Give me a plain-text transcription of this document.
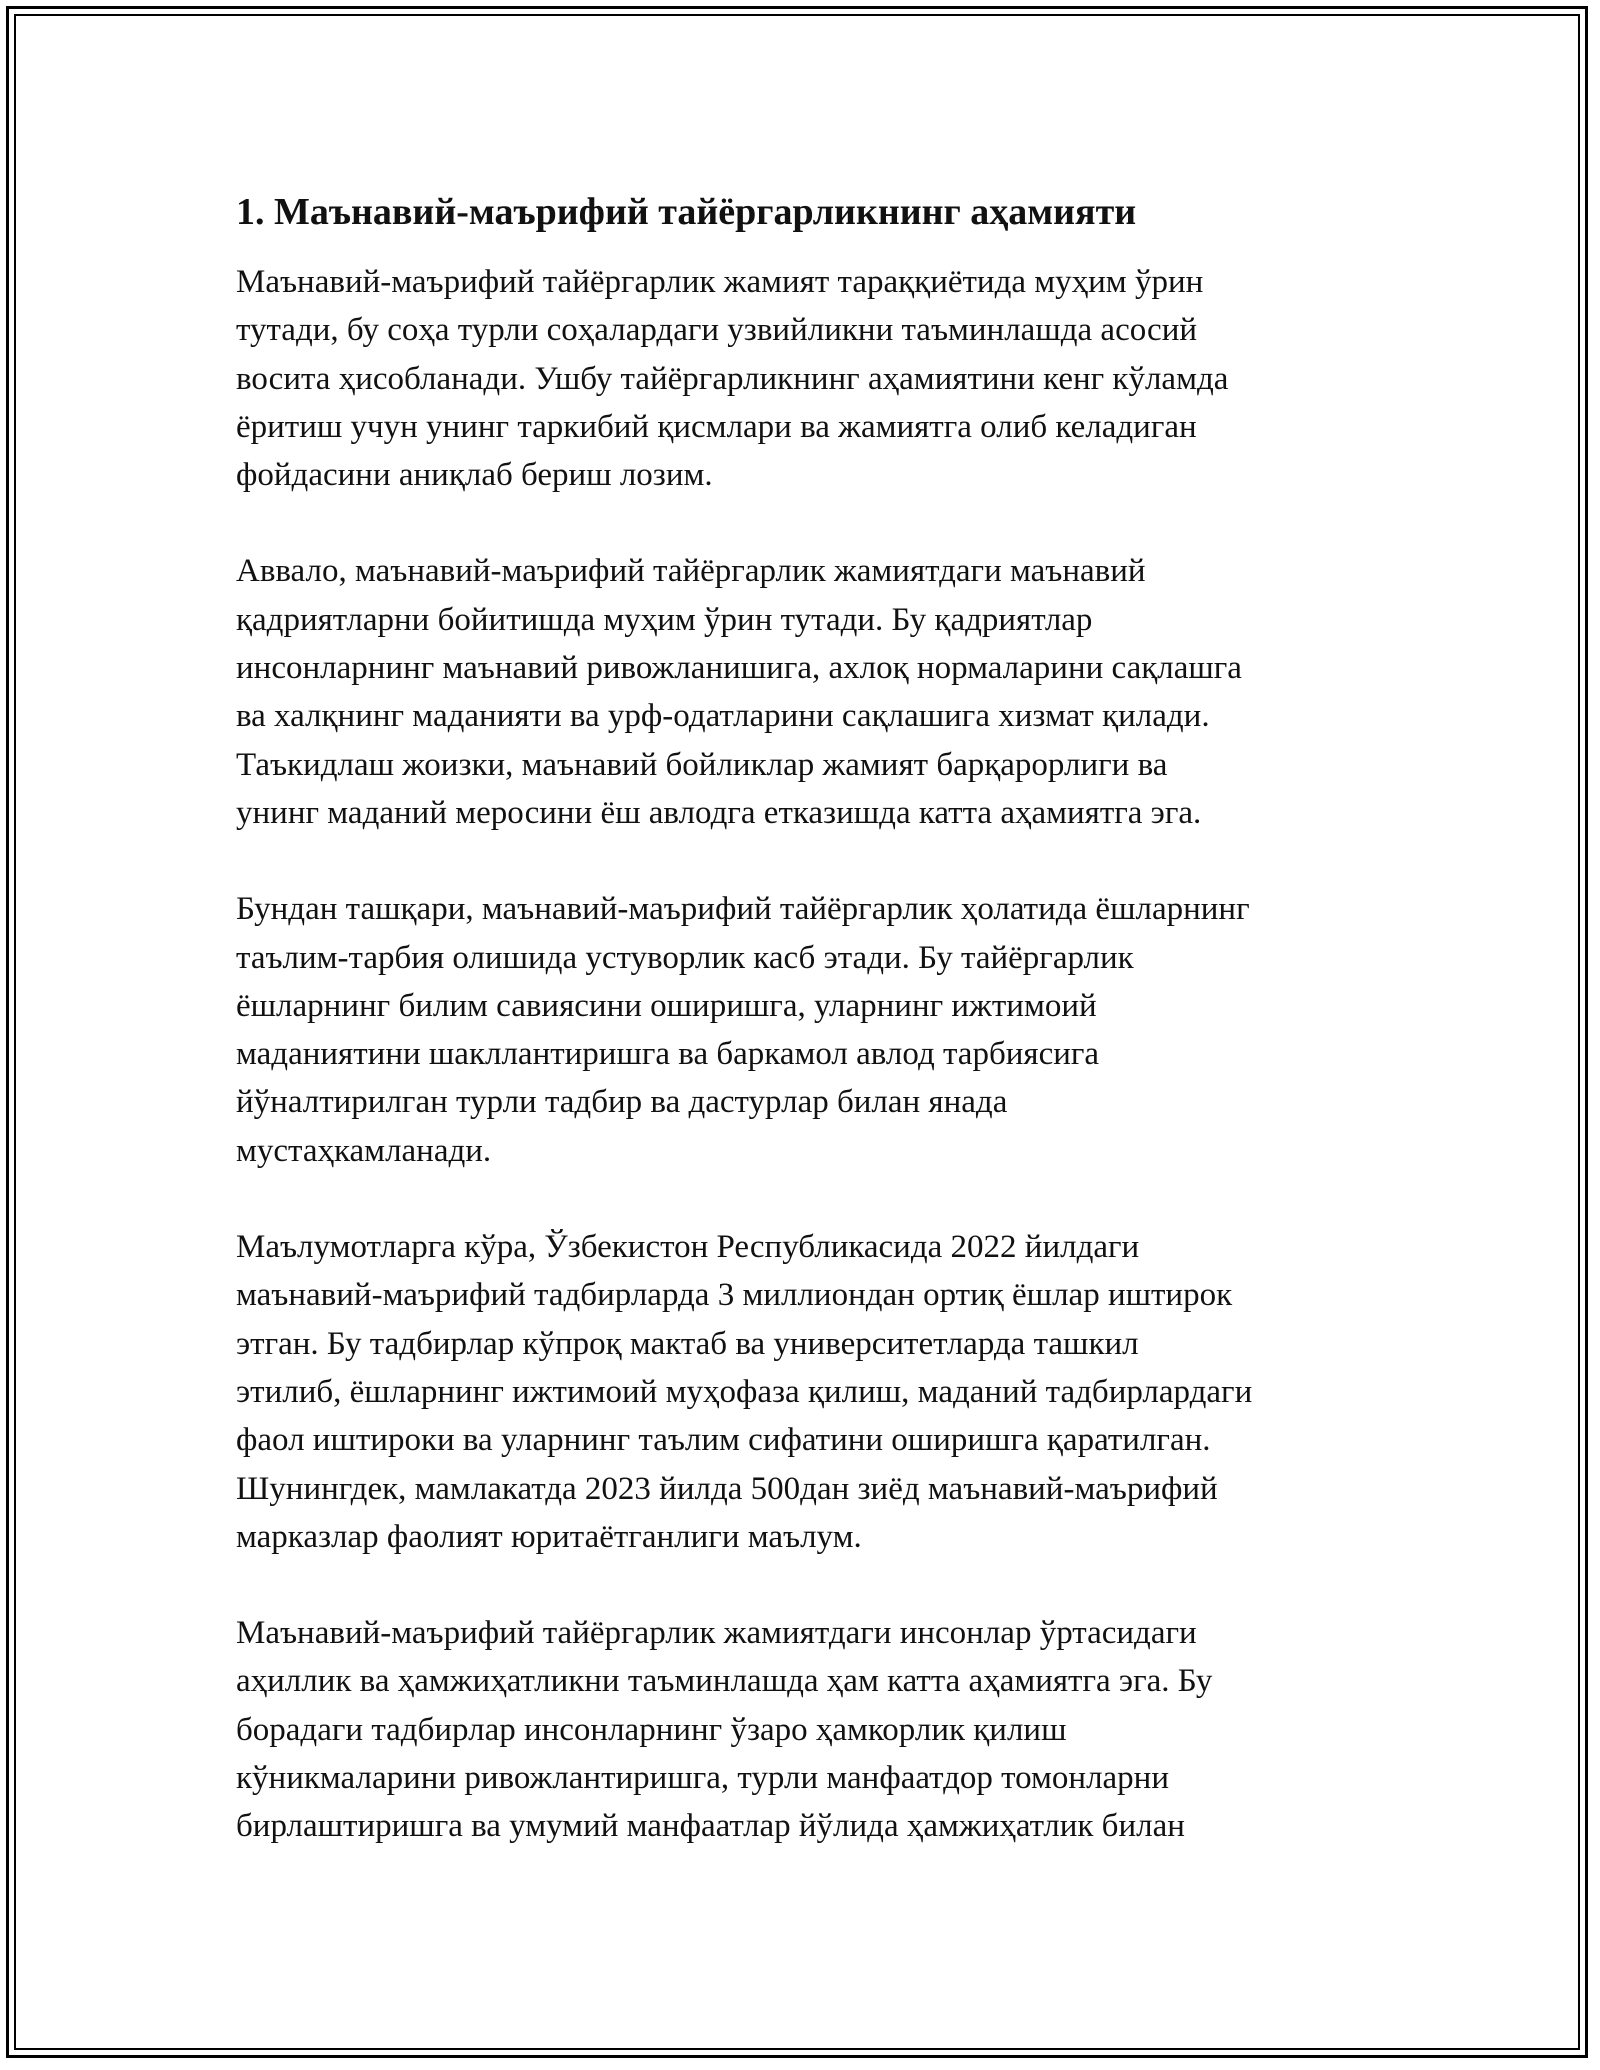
1. Маънавий-маърифий тайёргарликнинг аҳамияти

Маънавий-маърифий тайёргарлик жамият тараққиётида муҳим ўрин
тутади, бу соҳа турли соҳалардаги узвийликни таъминлашда асосий
восита ҳисобланади. Ушбу тайёргарликнинг аҳамиятини кенг кўламда
ёритиш учун унинг таркибий қисмлари ва жамиятга олиб келадиган
фойдасини аниқлаб бериш лозим.

Аввало, маънавий-маърифий тайёргарлик жамиятдаги маънавий
қадриятларни бойитишда муҳим ўрин тутади. Бу қадриятлар
инсонларнинг маънавий ривожланишига, ахлоқ нормаларини сақлашга
ва халқнинг маданияти ва урф-одатларини сақлашига хизмат қилади.
Таъкидлаш жоизки, маънавий бойликлар жамият барқарорлиги ва
унинг маданий меросини ёш авлодга етказишда катта аҳамиятга эга.

Бундан ташқари, маънавий-маърифий тайёргарлик ҳолатида ёшларнинг
таълим-тарбия олишида устуворлик касб этади. Бу тайёргарлик
ёшларнинг билим савиясини оширишга, уларнинг ижтимоий
маданиятини шакллантиришга ва баркамол авлод тарбиясига
йўналтирилган турли тадбир ва дастурлар билан янада
мустаҳкамланади.

Маълумотларга кўра, Ўзбекистон Республикасида 2022 йилдаги
маънавий-маърифий тадбирларда 3 миллиондан ортиқ ёшлар иштирок
этган. Бу тадбирлар кўпроқ мактаб ва университетларда ташкил
этилиб, ёшларнинг ижтимоий муҳофаза қилиш, маданий тадбирлардаги
фаол иштироки ва уларнинг таълим сифатини оширишга қаратилган.
Шунингдек, мамлакатда 2023 йилда 500дан зиёд маънавий-маърифий
марказлар фаолият юритаётганлиги маълум.

Маънавий-маърифий тайёргарлик жамиятдаги инсонлар ўртасидаги
аҳиллик ва ҳамжиҳатликни таъминлашда ҳам катта аҳамиятга эга. Бу
борадаги тадбирлар инсонларнинг ўзаро ҳамкорлик қилиш
кўникмаларини ривожлантиришга, турли манфаатдор томонларни
бирлаштиришга ва умумий манфаатлар йўлида ҳамжиҳатлик билан
